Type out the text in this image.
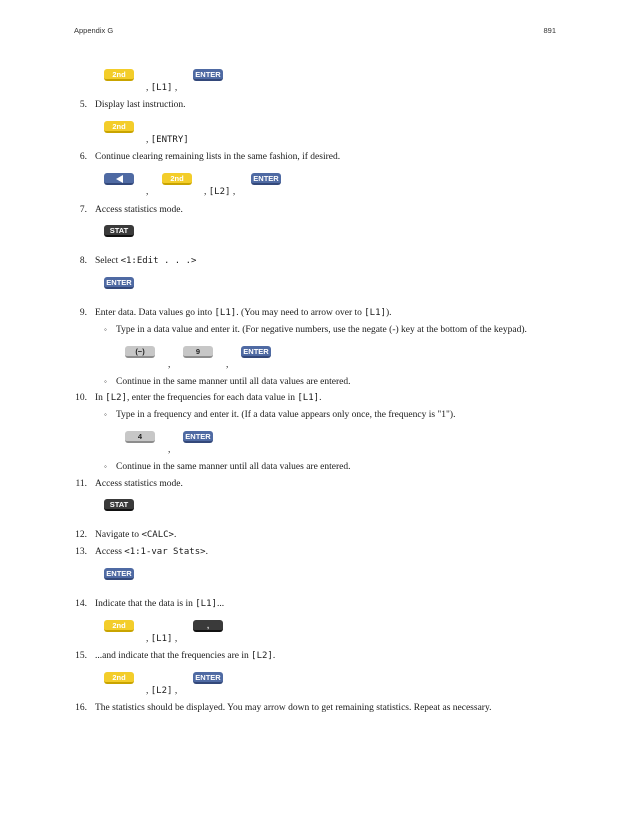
Appendix G	891
2nd	ENTER
, [L1] ,
5. Display last instruction.
2nd
, [ENTRY]
6. Continue clearing remaining lists in the same fashion, if desired.
2nd	ENTER
,	, [L2] ,
7. Access statistics mode.
STAT
8. Select <1:Edit . . .>
ENTER
9. Enter data. Data values go into [L1]. (You may need to arrow over to [L1]).
◦ Type in a data value and enter it. (For negative numbers, use the negate (-) key at the bottom of the keypad).
(−)	9	ENTER
,	,
◦ Continue in the same manner until all data values are entered.
10. In [L2], enter the frequencies for each data value in [L1].
◦ Type in a frequency and enter it. (If a data value appears only once, the frequency is "1").
4	ENTER
,
◦ Continue in the same manner until all data values are entered.
11. Access statistics mode.
STAT
12. Navigate to <CALC>.
13. Access <1:1-var Stats>.
ENTER
14. Indicate that the data is in [L1]...
2nd	,
, [L1] ,
15. ...and indicate that the frequencies are in [L2].
2nd	ENTER
, [L2] ,
16. The statistics should be displayed. You may arrow down to get remaining statistics. Repeat as necessary.
